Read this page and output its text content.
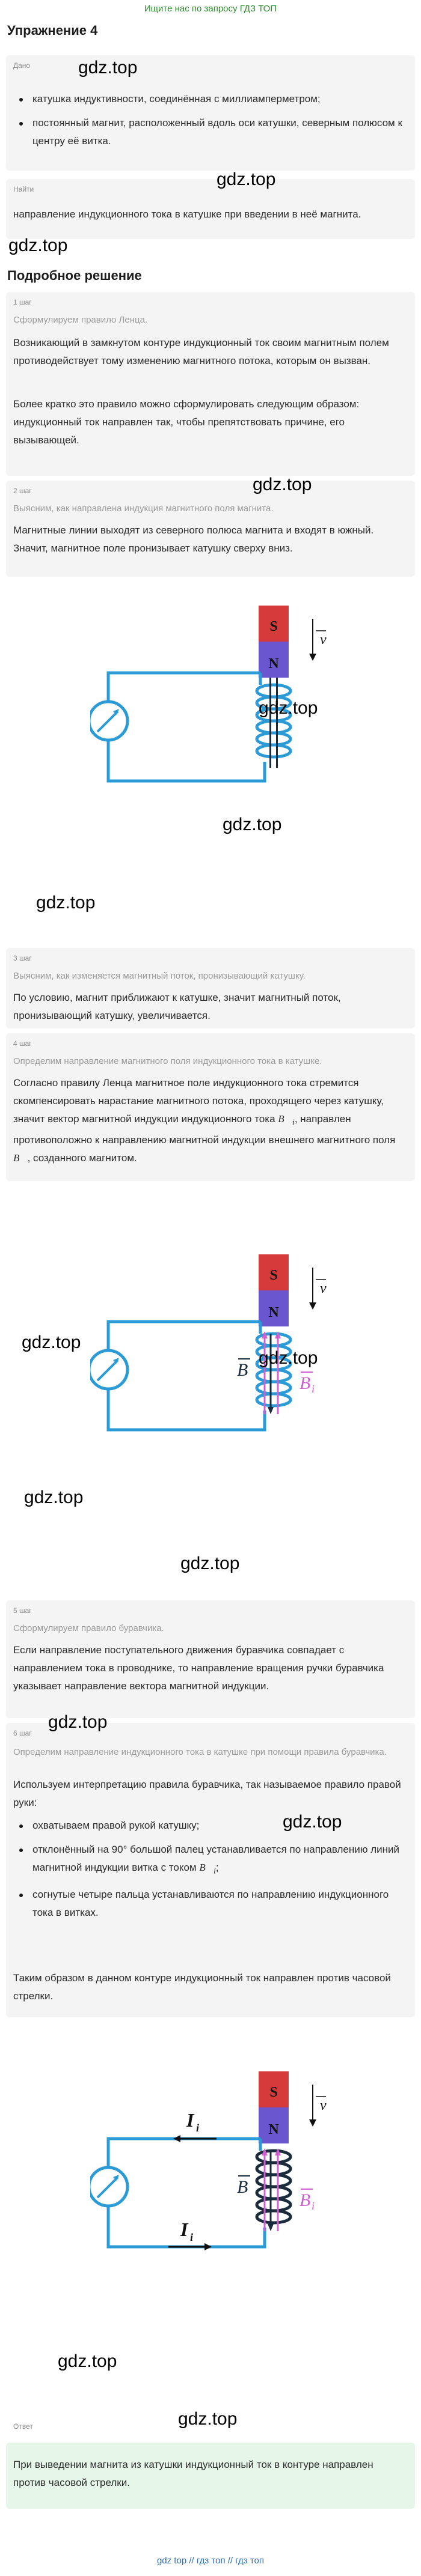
Ищите нас по запросу ГДЗ ТОП
Упражнение 4
Дано
катушка индуктивности, соединённая с миллиамперметром;
постоянный магнит, расположенный вдоль оси катушки, северным полюсом к центру её витка.
gdz.top
Найти
направление индукционного тока в катушке при введении в неё магнита.
gdz.top
gdz.top
Подробное решение
1 шаг
Сформулируем правило Ленца.
Возникающий в замкнутом контуре индукционный ток своим магнитным полем противодействует тому изменению магнитного потока, которым он вызван.
Более кратко это правило можно сформулировать следующим образом: индукционный ток направлен так, чтобы препятствовать причине, его вызывающей.
2 шаг
Выясним, как направлена индукция магнитного поля магнита.
Магнитные линии выходят из северного полюса магнита и входят в южный. Значит, магнитное поле пронизывает катушку сверху вниз.
gdz.top
S
N
v
gdz.top
gdz.top
gdz.top
3 шаг
Выясним, как изменяется магнитный поток, пронизывающий катушку.
По условию, магнит приближают к катушке, значит магнитный поток, пронизывающий катушку, увеличивается.
4 шаг
Определим направление магнитного поля индукционного тока в катушке.
Согласно правилу Ленца магнитное поле индукционного тока стремится скомпенсировать нарастание магнитного потока, проходящего через катушку, значит вектор магнитной индукции индукционного тока $B⃗_i$, направлен противоположно к направлению магнитной индукции внешнего магнитного поля B⃗, созданного магнитом.
S
N
v
B
B i
gdz.top
gdz.top
gdz.top
gdz.top
5 шаг
Сформулируем правило буравчика.
Если направление поступательного движения буравчика совпадает с направлением тока в проводнике, то направление вращения ручки буравчика указывает направление вектора магнитной индукции.
6 шаг
Определим направление индукционного тока в катушке при помощи правила буравчика.
Используем интерпретацию правила буравчика, так называемое правило правой руки:
охватываем правой рукой катушку;
отклонённый на 90° большой палец устанавливается по направлению линий магнитной индукции витка с током $B⃗_i$;
согнутые четыре пальца устанавливаются по направлению индукционного тока в витках.
Таким образом в данном контуре индукционный ток направлен против часовой стрелки.
gdz.top
gdz.top
S
N
v
B
B i
I i
I i
gdz.top
Ответ
При выведении магнита из катушки индукционный ток в контуре направлен против часовой стрелки.
gdz.top
gdz top // гдз топ // гдз топ
